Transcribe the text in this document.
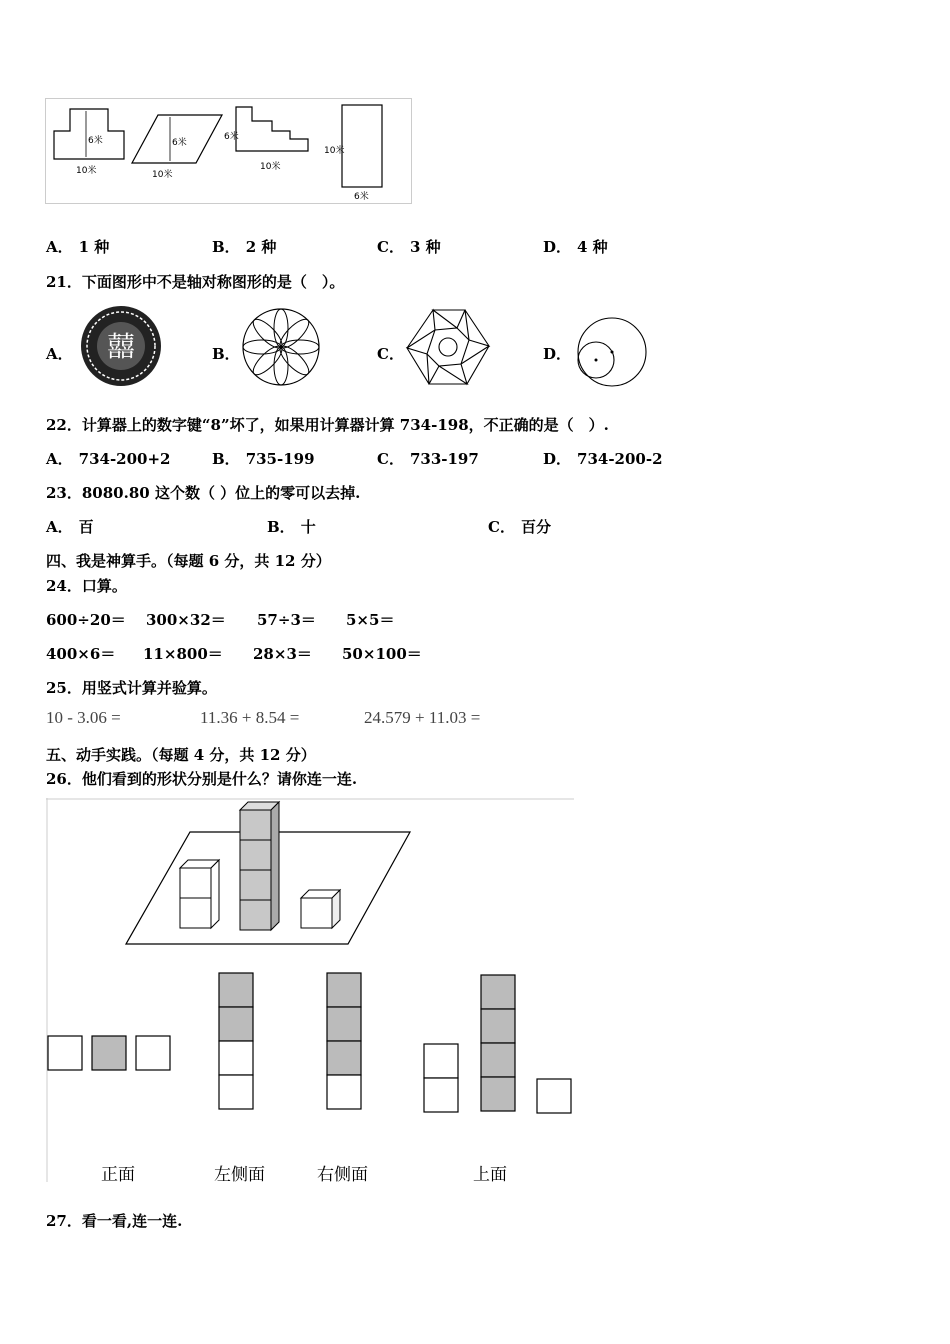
6米
10米
6米
10米
6米
10米
10米
6米
A． 1 种	B． 2 种	C． 3 种	D． 4 种
21．下面图形中不是轴对称图形的是（　）。
A． 囍	B．	C．	D．
22．计算器上的数字键“8”坏了，如果用计算器计算 734-198，不正确的是（　）.
A． 734-200+2	B． 735-199	C． 733-197	D． 734-200-2
23．8080.80 这个数（ ）位上的零可以去掉.
A． 百	B． 十	C． 百分
四、我是神算手。（每题 6 分，共 12 分）
24．口算。
600÷20＝ 300×32＝ 57÷3＝ 5×5＝
400×6＝ 11×800＝ 28×3＝ 50×100＝
25．用竖式计算并验算。
10 - 3.06 =	11.36 + 8.54 =	24.579 + 11.03 =
五、动手实践。（每题 4 分，共 12 分）
26．他们看到的形状分别是什么？请你连一连.
正面	左侧面	右侧面	上面
27．看一看,连一连.
